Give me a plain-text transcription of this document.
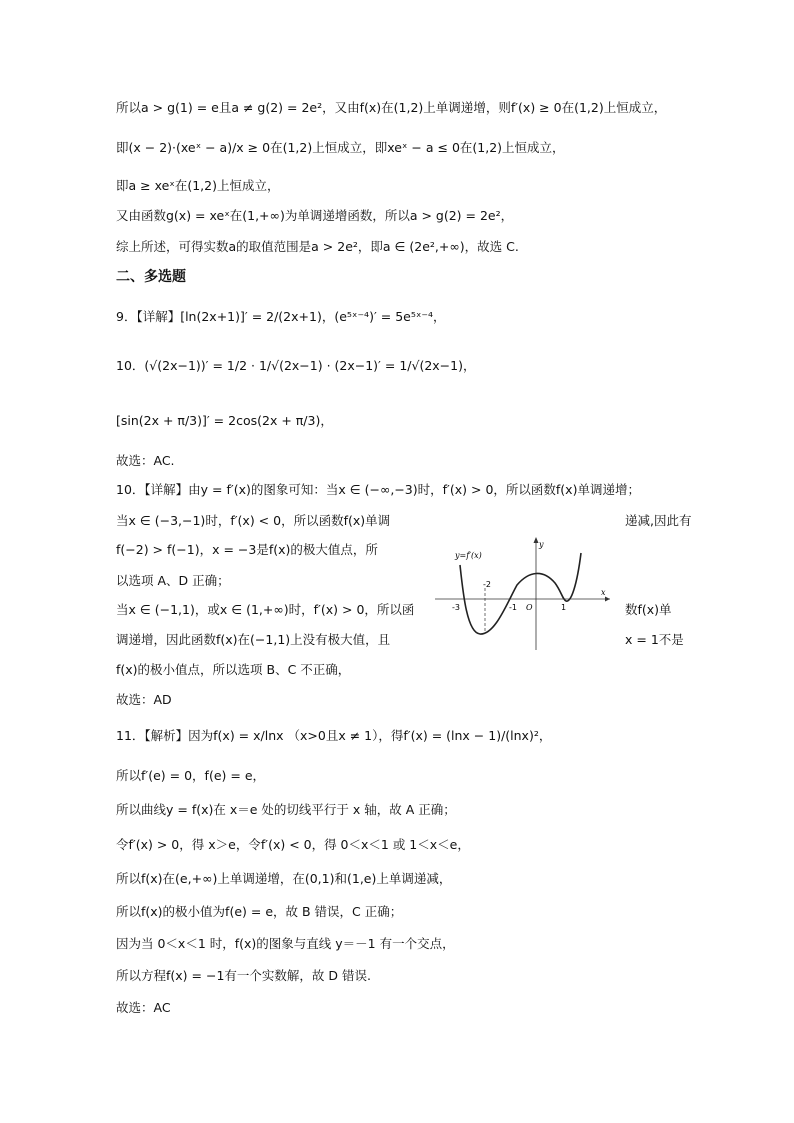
所以a > g(1) = e且a ≠ g(2) = 2e²，又由f(x)在(1,2)上单调递增，则f′(x) ≥ 0在(1,2)上恒成立，
即(x − 2)·(xeˣ − a)/x ≥ 0在(1,2)上恒成立，即xeˣ − a ≤ 0在(1,2)上恒成立，
即a ≥ xeˣ在(1,2)上恒成立，
又由函数g(x) = xeˣ在(1,+∞)为单调递增函数，所以a > g(2) = 2e²，
综上所述，可得实数a的取值范围是a > 2e²，即a ∈ (2e²,+∞)，故选 C.
二、多选题
9．【详解】[ln(2x+1)]′ = 2/(2x+1)，(e⁵ˣ⁻⁴)′ = 5e⁵ˣ⁻⁴，
10．(√(2x−1))′ = 1/2 · 1/√(2x−1) · (2x−1)′ = 1/√(2x−1)，
[sin(2x + π/3)]′ = 2cos(2x + π/3)，
故选：AC.
10．【详解】由y = f′(x)的图象可知：当x ∈ (−∞,−3)时，f′(x) > 0，所以函数f(x)单调递增；
当x ∈ (−3,−1)时，f′(x) < 0，所以函数f(x)单调
f(−2) > f(−1)，x = −3是f(x)的极大值点，所
以选项 A、D 正确；
当x ∈ (−1,1)，或x ∈ (1,+∞)时，f′(x) > 0，所以函
调递增，因此函数f(x)在(−1,1)上没有极大值，且
f(x)的极小值点，所以选项 B、C 不正确，
故选：AD
11．【解析】因为f(x) = x/lnx （x>0且x ≠ 1），得f′(x) = (lnx − 1)/(lnx)²，
所以f′(e) = 0，f(e) = e，
所以曲线y = f(x)在 x＝e 处的切线平行于 x 轴，故 A 正确；
令f′(x) > 0，得 x＞e，令f′(x) < 0，得 0＜x＜1 或 1＜x＜e，
所以f(x)在(e,+∞)上单调递增，在(0,1)和(1,e)上单调递减，
所以f(x)的极小值为f(e) = e，故 B 错误，C 正确；
因为当 0＜x＜1 时，f(x)的图象与直线 y＝－1 有一个交点，
所以方程f(x) = −1有一个实数解，故 D 错误.
故选：AC
递减,因此有
数f(x)单
x = 1不是
y=f′(x)
y
x
-3
-2
-1 O	1
